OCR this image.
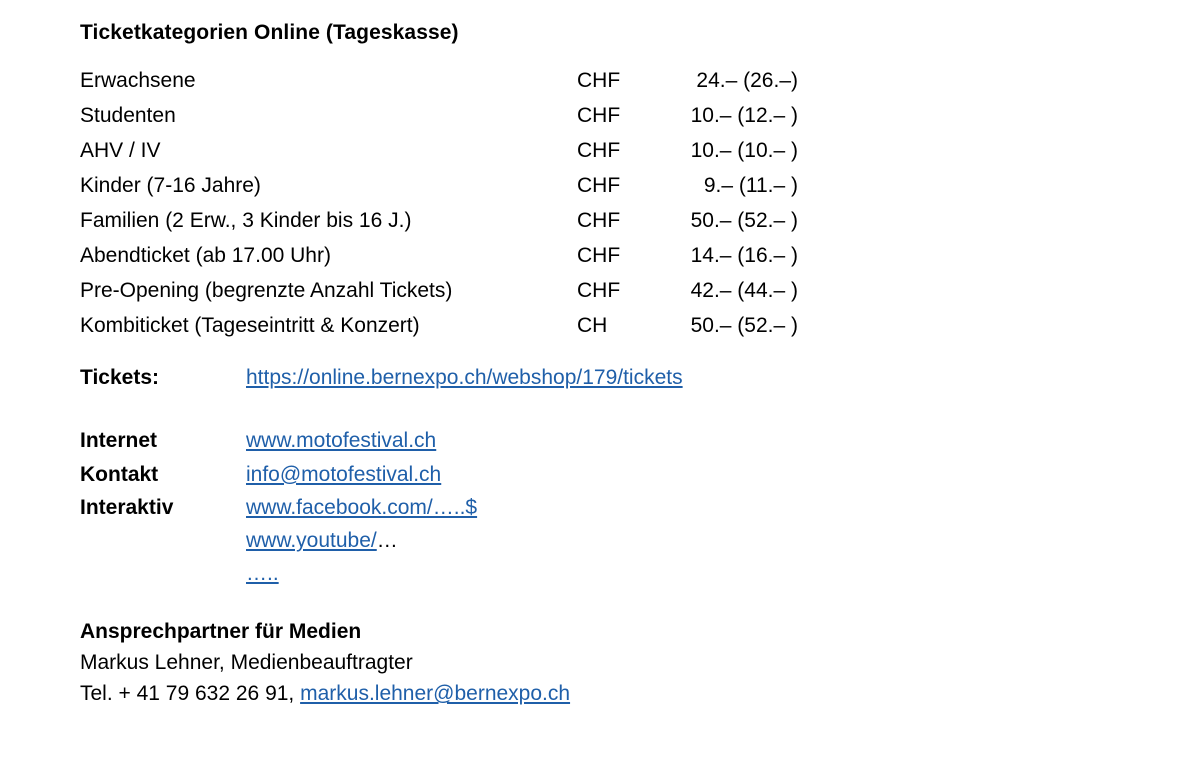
Ticketkategorien Online (Tageskasse)
Erwachsene	CHF	24.– (26.–)
Studenten	CHF	10.– (12.– )
AHV / IV	CHF	10.– (10.– )
Kinder (7-16 Jahre)	CHF	9.– (11.– )
Familien (2 Erw., 3 Kinder bis 16 J.)	CHF	50.– (52.– )
Abendticket (ab 17.00 Uhr)	CHF	14.– (16.– )
Pre-Opening (begrenzte Anzahl Tickets)	CHF	42.– (44.– )
Kombiticket (Tageseintritt & Konzert)	CH	50.– (52.– )
Tickets:	https://online.bernexpo.ch/webshop/179/tickets
Internet	www.motofestival.ch
Kontakt	info@motofestival.ch
Interaktiv	www.facebook.com/…..$
www.youtube/…
…..
Ansprechpartner für Medien
Markus Lehner, Medienbeauftragter
Tel. + 41 79 632 26 91, markus.lehner@bernexpo.ch
